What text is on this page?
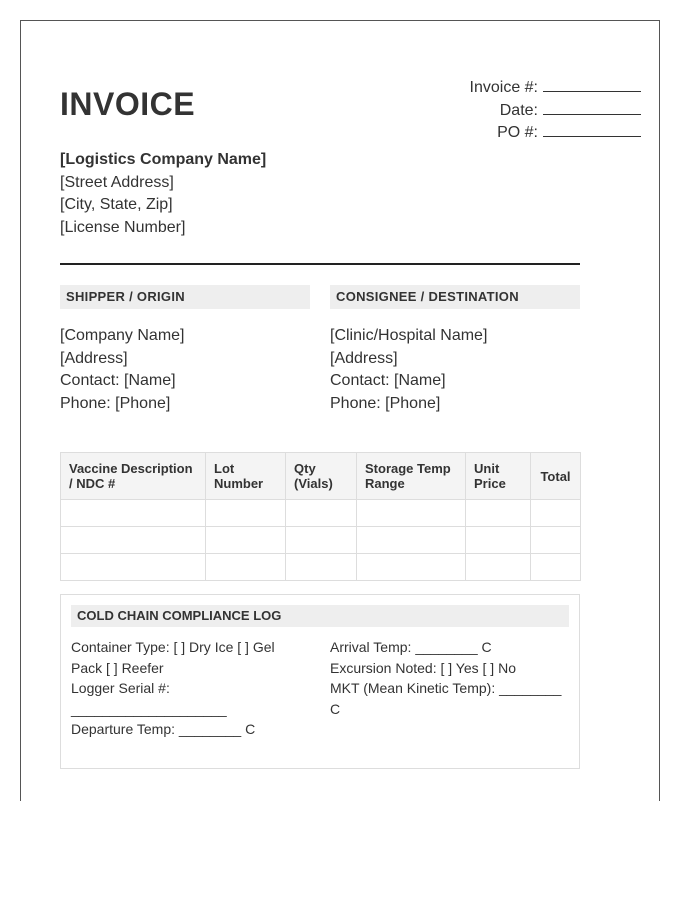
INVOICE	Invoice #:
Date:
PO #:
[Logistics Company Name]
[Street Address]
[City, State, Zip]
[License Number]
SHIPPER / ORIGIN
[Company Name]
[Address]
Contact: [Name]
Phone: [Phone]
CONSIGNEE / DESTINATION
[Clinic/Hospital Name]
[Address]
Contact: [Name]
Phone: [Phone]
Vaccine Description / NDC #	Lot Number	Qty (Vials)	Storage Temp Range	Unit Price	Total

COLD CHAIN COMPLIANCE LOG
Container Type: [ ] Dry Ice [ ] Gel Pack [ ] Reefer
Logger Serial #: ____________________
Departure Temp: ________ C
Arrival Temp: ________ C
Excursion Noted: [ ] Yes [ ] No
MKT (Mean Kinetic Temp): ________ C
